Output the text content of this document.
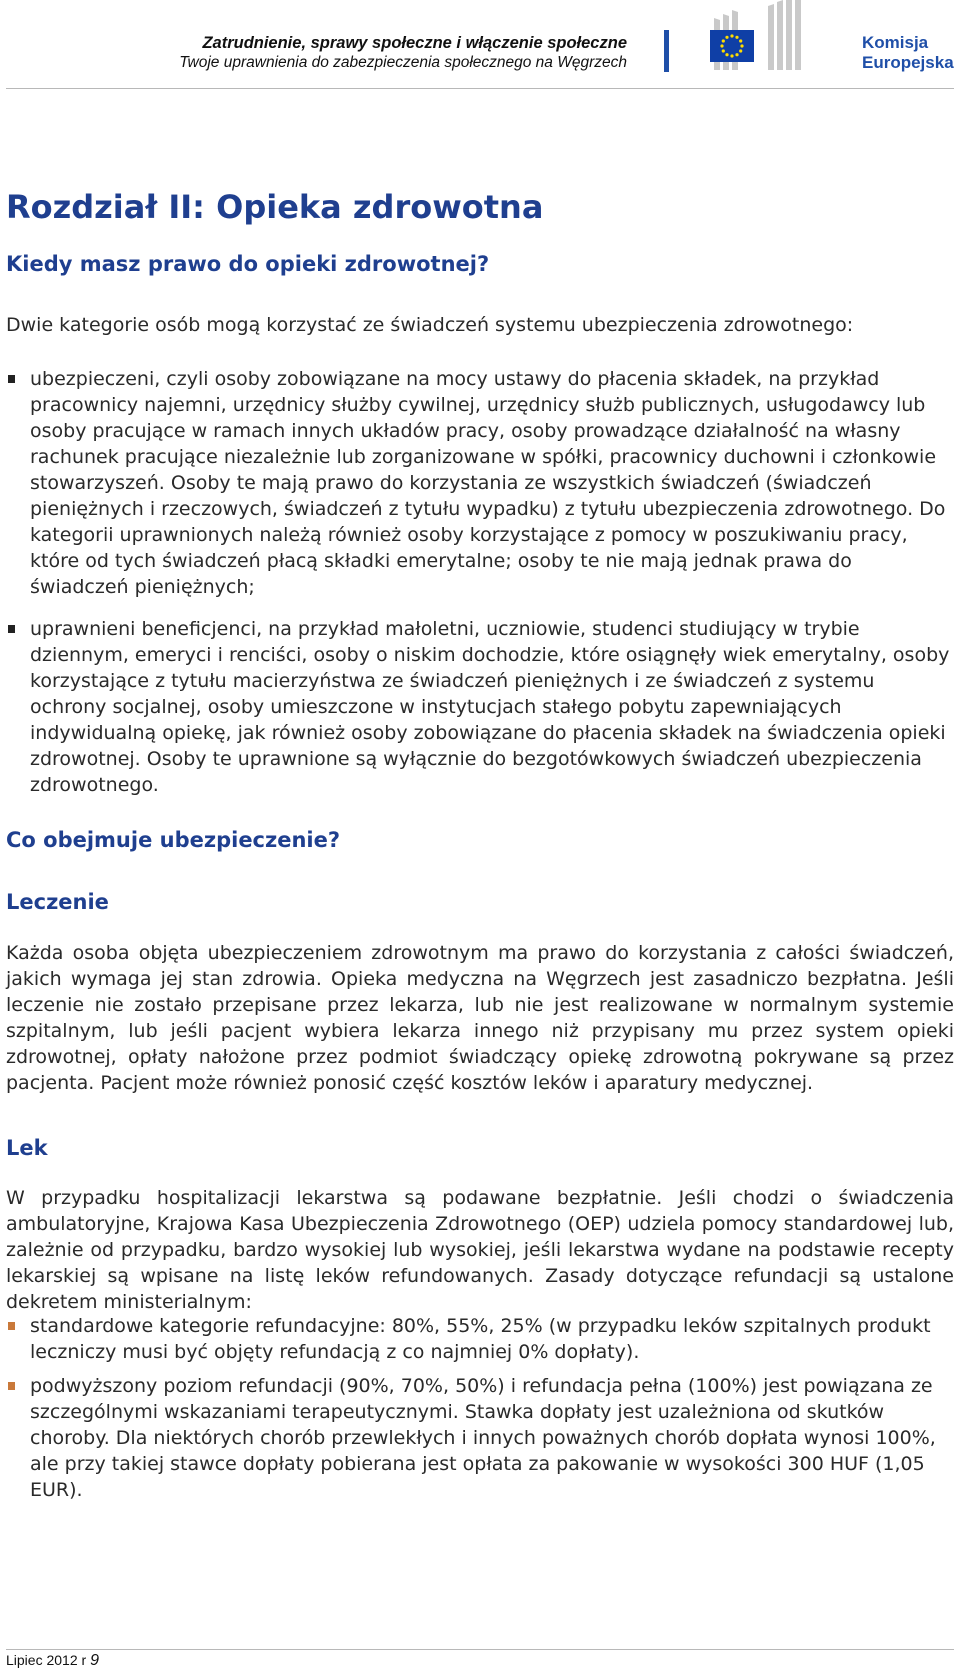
Zatrudnienie, sprawy społeczne i włączenie społeczne
Twoje uprawnienia do zabezpieczenia społecznego na Węgrzech
Komisja
Europejska
Rozdział II: Opieka zdrowotna
Kiedy masz prawo do opieki zdrowotnej?
Dwie kategorie osób mogą korzystać ze świadczeń systemu ubezpieczenia zdrowotnego:
ubezpieczeni, czyli osoby zobowiązane na mocy ustawy do płacenia składek, na przykład pracownicy najemni, urzędnicy służby cywilnej, urzędnicy służb publicznych, usługodawcy lub osoby pracujące w ramach innych układów pracy, osoby prowadzące działalność na własny rachunek pracujące niezależnie lub zorganizowane w spółki, pracownicy duchowni i członkowie stowarzyszeń. Osoby te mają prawo do korzystania ze wszystkich świadczeń (świadczeń pieniężnych i rzeczowych, świadczeń z tytułu wypadku) z tytułu ubezpieczenia zdrowotnego. Do kategorii uprawnionych należą również osoby korzystające z pomocy w poszukiwaniu pracy, które od tych świadczeń płacą składki emerytalne; osoby te nie mają jednak prawa do świadczeń pieniężnych;
uprawnieni beneficjenci, na przykład małoletni, uczniowie, studenci studiujący w trybie dziennym, emeryci i renciści, osoby o niskim dochodzie, które osiągnęły wiek emerytalny, osoby korzystające z tytułu macierzyństwa ze świadczeń pieniężnych i ze świadczeń z systemu ochrony socjalnej, osoby umieszczone w instytucjach stałego pobytu zapewniających indywidualną opiekę, jak również osoby zobowiązane do płacenia składek na świadczenia opieki zdrowotnej. Osoby te uprawnione są wyłącznie do bezgotówkowych świadczeń ubezpieczenia zdrowotnego.
Co obejmuje ubezpieczenie?
Leczenie
Każda osoba objęta ubezpieczeniem zdrowotnym ma prawo do korzystania z całości świadczeń, jakich wymaga jej stan zdrowia. Opieka medyczna na Węgrzech jest zasadniczo bezpłatna. Jeśli leczenie nie zostało przepisane przez lekarza, lub nie jest realizowane w normalnym systemie szpitalnym, lub jeśli pacjent wybiera lekarza innego niż przypisany mu przez system opieki zdrowotnej, opłaty nałożone przez podmiot świadczący opiekę zdrowotną pokrywane są przez pacjenta. Pacjent może również ponosić część kosztów leków i aparatury medycznej.
Lek
W przypadku hospitalizacji lekarstwa są podawane bezpłatnie. Jeśli chodzi o świadczenia ambulatoryjne, Krajowa Kasa Ubezpieczenia Zdrowotnego (OEP) udziela pomocy standardowej lub, zależnie od przypadku, bardzo wysokiej lub wysokiej, jeśli lekarstwa wydane na podstawie recepty lekarskiej są wpisane na listę leków refundowanych. Zasady dotyczące refundacji są ustalone dekretem ministerialnym:
standardowe kategorie refundacyjne: 80%, 55%, 25% (w przypadku leków szpitalnych produkt leczniczy musi być objęty refundacją z co najmniej 0% dopłaty).
podwyższony poziom refundacji (90%, 70%, 50%) i refundacja pełna (100%) jest powiązana ze szczególnymi wskazaniami terapeutycznymi. Stawka dopłaty jest uzależniona od skutków choroby. Dla niektórych chorób przewlekłych i innych poważnych chorób dopłata wynosi 100%, ale przy takiej stawce dopłaty pobierana jest opłata za pakowanie w wysokości 300 HUF (1,05 EUR).
Lipiec 2012 r 9
